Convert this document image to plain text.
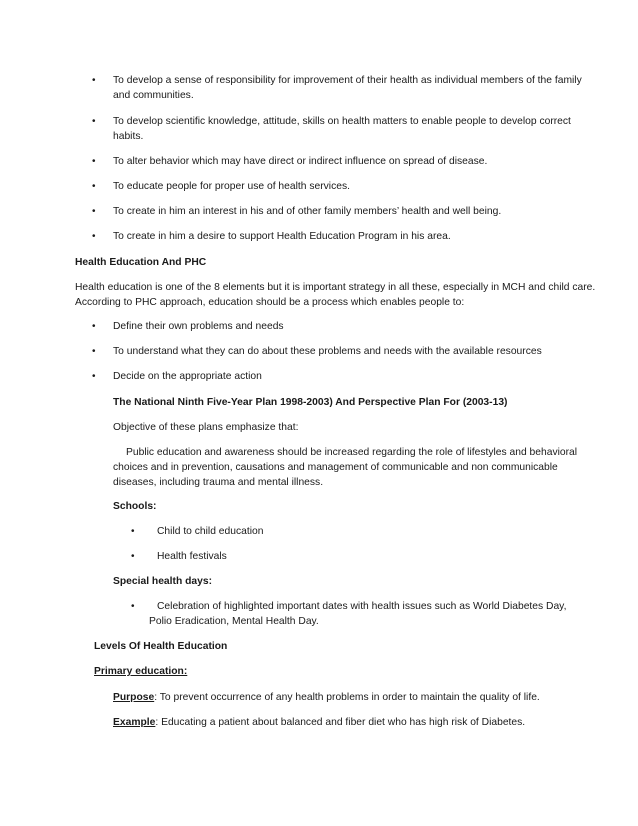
• To develop a sense of responsibility for improvement of their health as individual members of the family
and communities.
• To develop scientific knowledge, attitude, skills on health matters to enable people to develop correct
habits.
• To alter behavior which may have direct or indirect influence on spread of disease.
• To educate people for proper use of health services.
• To create in him an interest in his and of other family members’ health and well being.
• To create in him a desire to support Health Education Program in his area.
Health Education And PHC
Health education is one of the 8 elements but it is important strategy in all these, especially in MCH and child care.
According to PHC approach, education should be a process which enables people to:
• Define their own problems and needs
• To understand what they can do about these problems and needs with the available resources
• Decide on the appropriate action
The National Ninth Five-Year Plan 1998-2003) And Perspective Plan For (2003-13)
Objective of these plans emphasize that:
Public education and awareness should be increased regarding the role of lifestyles and behavioral
choices and in prevention, causations and management of communicable and non communicable
diseases, including trauma and mental illness.
Schools:
• Child to child education
• Health festivals
Special health days:
• Celebration of highlighted important dates with health issues such as World Diabetes Day,
Polio Eradication, Mental Health Day.
Levels Of Health Education
Primary education:
Purpose: To prevent occurrence of any health problems in order to maintain the quality of life.
Example: Educating a patient about balanced and fiber diet who has high risk of Diabetes.
